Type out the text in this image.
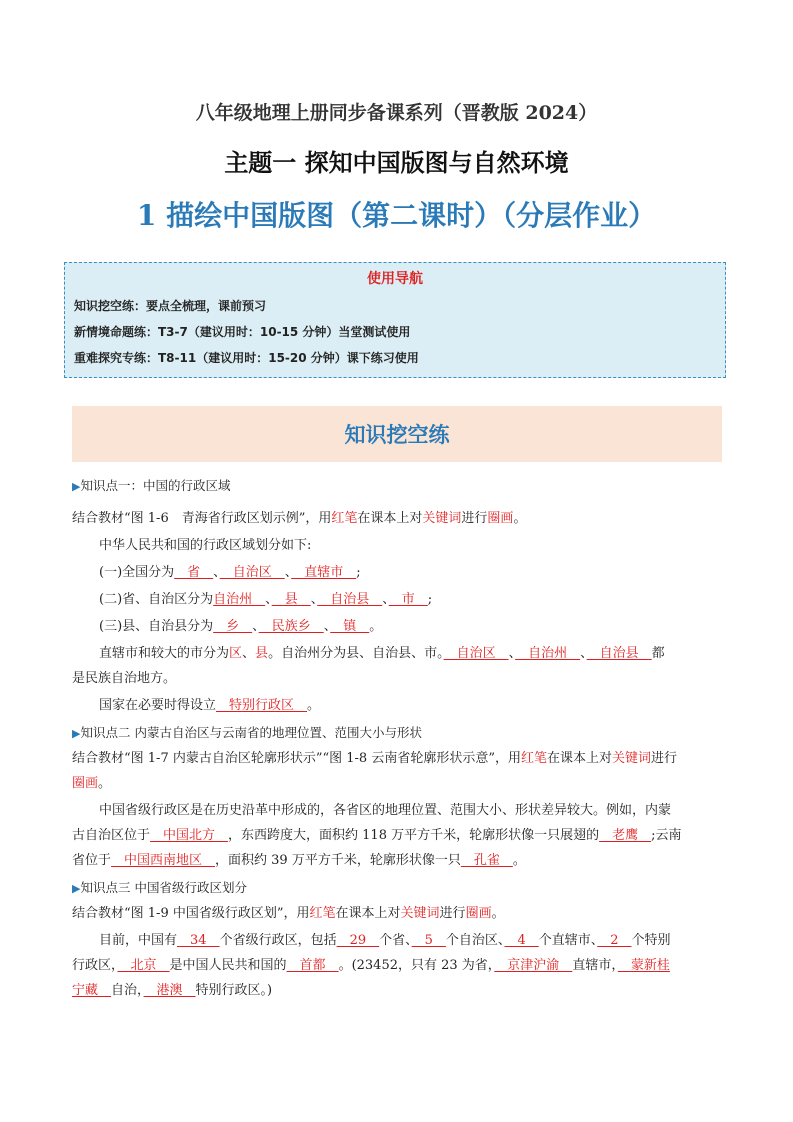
八年级地理上册同步备课系列（晋教版 2024）
主题一 探知中国版图与自然环境
1 描绘中国版图（第二课时）（分层作业）
使用导航
知识挖空练：要点全梳理，课前预习
新情境命题练：T3-7（建议用时：10-15 分钟）当堂测试使用
重难探究专练：T8-11（建议用时：15-20 分钟）课下练习使用
知识挖空练
▶知识点一：中国的行政区域
结合教材“图 1-6　青海省行政区划示例”，用红笔在课本上对关键词进行圈画。
中华人民共和国的行政区域划分如下:
(一)全国分为　省　、　自治区　、　直辖市　;
(二)省、自治区分为自治州　、　县　、　自治县　、　市　;
(三)县、自治县分为　乡　、　民族乡　、　镇　。
直辖市和较大的市分为区、县。自治州分为县、自治县、市。　自治区　、　自治州　、　自治县　都
是民族自治地方。
国家在必要时得设立　特别行政区　。
▶知识点二 内蒙古自治区与云南省的地理位置、范围大小与形状
结合教材“图 1-7 内蒙古自治区轮廓形状示”“图 1-8 云南省轮廓形状示意”，用红笔在课本上对关键词进行
圈画。
中国省级行政区是在历史沿革中形成的，各省区的地理位置、范围大小、形状差异较大。例如，内蒙
古自治区位于　中国北方　，东西跨度大，面积约 118 万平方千米，轮廓形状像一只展翅的　老鹰　;云南
省位于　中国西南地区　，面积约 39 万平方千米，轮廓形状像一只　孔雀　。
▶知识点三 中国省级行政区划分
结合教材“图 1-9 中国省级行政区划”，用红笔在课本上对关键词进行圈画。
目前，中国有　34　个省级行政区，包括　29　个省、　5　个自治区、　4　个直辖市、　2　个特别
行政区，　北京　是中国人民共和国的　首都　。(23452，只有 23 为省，　京津沪渝　直辖市，　蒙新桂
宁藏　自治，　港澳　特别行政区。)
